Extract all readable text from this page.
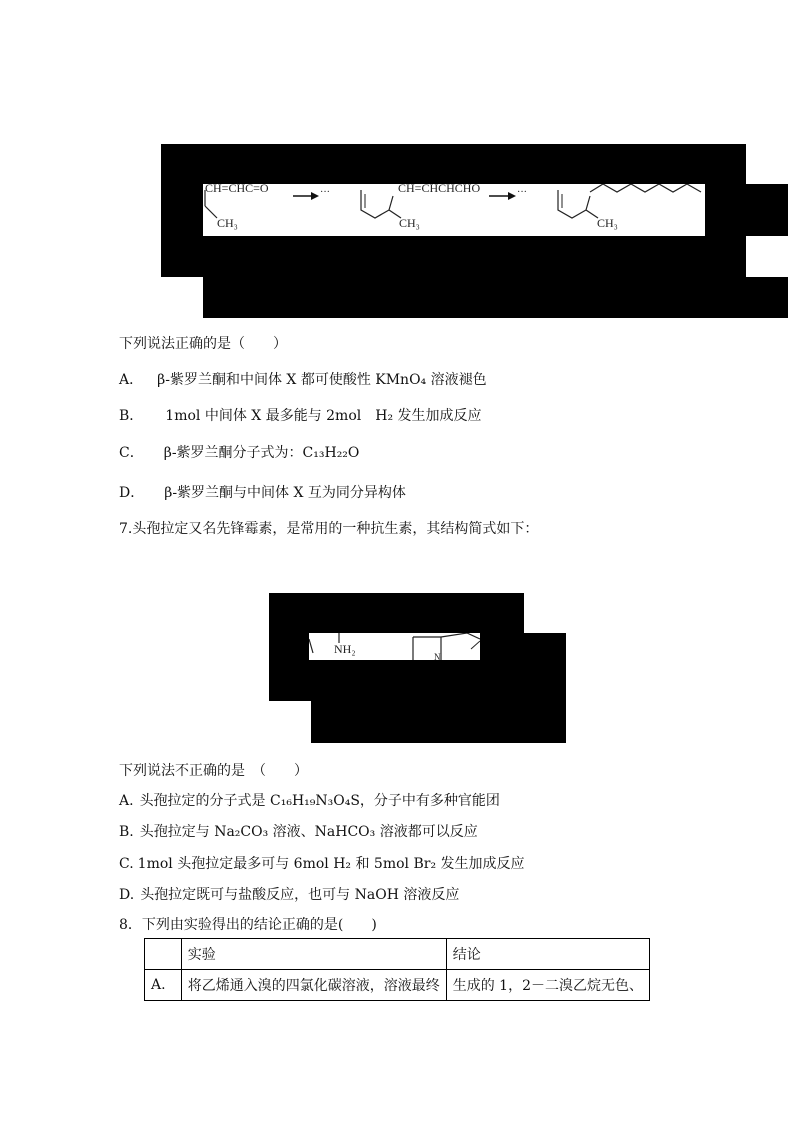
CH=CHC=O	···	CH=CHCHCHO	···
CH₃	CH₃	CH₃
下列说法正确的是（　　）
A． β-紫罗兰酮和中间体 X 都可使酸性 KMnO₄ 溶液褪色
B． 1mol 中间体 X 最多能与 2mol　H₂ 发生加成反应
C． β-紫罗兰酮分子式为：C₁₃H₂₂O
D． β-紫罗兰酮与中间体 X 互为同分异构体
7.头孢拉定又名先锋霉素，是常用的一种抗生素，其结构简式如下：
NH₂
N
下列说法不正确的是　（　　）
A. 头孢拉定的分子式是 C₁₆H₁₉N₃O₄S，分子中有多种官能团
B. 头孢拉定与 Na₂CO₃ 溶液、NaHCO₃ 溶液都可以反应
C. 1mol 头孢拉定最多可与 6mol H₂ 和 5mol Br₂ 发生加成反应
D. 头孢拉定既可与盐酸反应，也可与 NaOH 溶液反应
8．下列由实验得出的结论正确的是(　　)
	实验	结论
A.	将乙烯通入溴的四氯化碳溶液，溶液最终	生成的 1，2－二溴乙烷无色、
